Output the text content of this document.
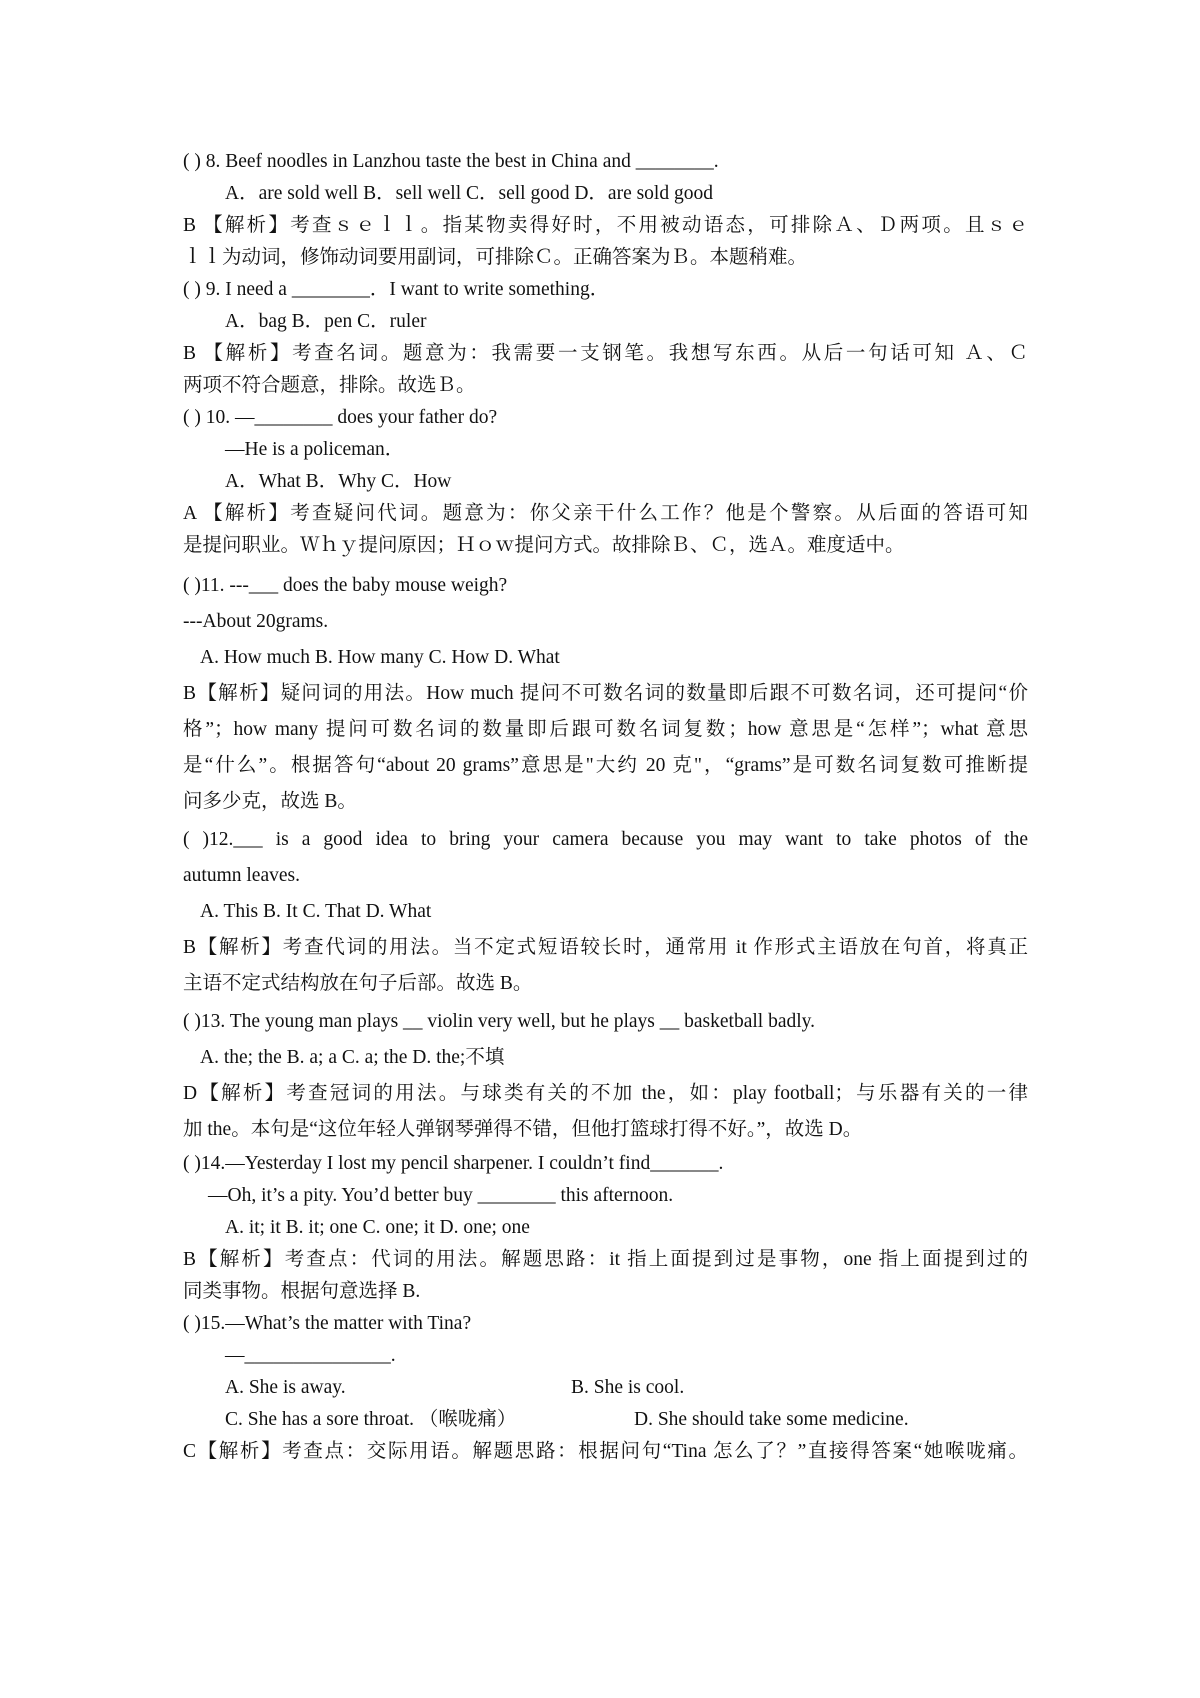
( ) 8. Beef noodles in Lanzhou taste the best in China and ________.
A．are sold well B．sell well C．sell good D．are sold good
B 【解析】考查ｓｅｌｌ。指某物卖得好时，不用被动语态，可排除Ａ、Ｄ两项。且ｓｅ
ｌｌ为动词，修饰动词要用副词，可排除Ｃ。正确答案为Ｂ。本题稍难。
( ) 9. I need a ________．I want to write something．
A．bag B．pen C．ruler
B 【解析】考查名词。题意为：我需要一支钢笔。我想写东西。从后一句话可知 Ａ、Ｃ
两项不符合题意，排除。故选Ｂ。
( ) 10. —________ does your father do?
—He is a policeman．
A．What B．Why C．How
A 【解析】考查疑问代词。题意为：你父亲干什么工作？他是个警察。从后面的答语可知
是提问职业。Ｗｈｙ提问原因；Ｈｏｗ提问方式。故排除Ｂ、Ｃ，选Ａ。难度适中。
( )11. ---___ does the baby mouse weigh?
---About 20grams.
A. How much B. How many C. How D. What
B【解析】疑问词的用法。How much 提问不可数名词的数量即后跟不可数名词，还可提问“价
格”；how many 提问可数名词的数量即后跟可数名词复数；how 意思是“怎样”；what 意思
是“什么”。根据答句“about 20 grams”意思是"大约 20 克"，“grams”是可数名词复数可推断提
问多少克，故选 B。
( )12.___ is a good idea to bring your camera because you may want to take photos of the
autumn leaves.
A. This B. It C. That D. What
B【解析】考查代词的用法。当不定式短语较长时，通常用 it 作形式主语放在句首，将真正
主语不定式结构放在句子后部。故选 B。
( )13. The young man plays __ violin very well, but he plays __ basketball badly.
A. the; the B. a; a C. a; the D. the;不填
D【解析】考查冠词的用法。与球类有关的不加 the，如：play football；与乐器有关的一律
加 the。本句是“这位年轻人弹钢琴弹得不错，但他打篮球打得不好。”，故选 D。
( )14.—Yesterday I lost my pencil sharpener. I couldn’t find_______.
—Oh, it’s a pity. You’d better buy ________ this afternoon.
A. it; it B. it; one C. one; it D. one; one
B【解析】考查点：代词的用法。解题思路：it 指上面提到过是事物，one 指上面提到过的
同类事物。根据句意选择 B.
( )15.—What’s the matter with Tina?
—_______________.
A. She is away.	B. She is cool.
C. She has a sore throat. （喉咙痛）	D. She should take some medicine.
C【解析】考查点：交际用语。解题思路：根据问句“Tina 怎么了？”直接得答案“她喉咙痛。
